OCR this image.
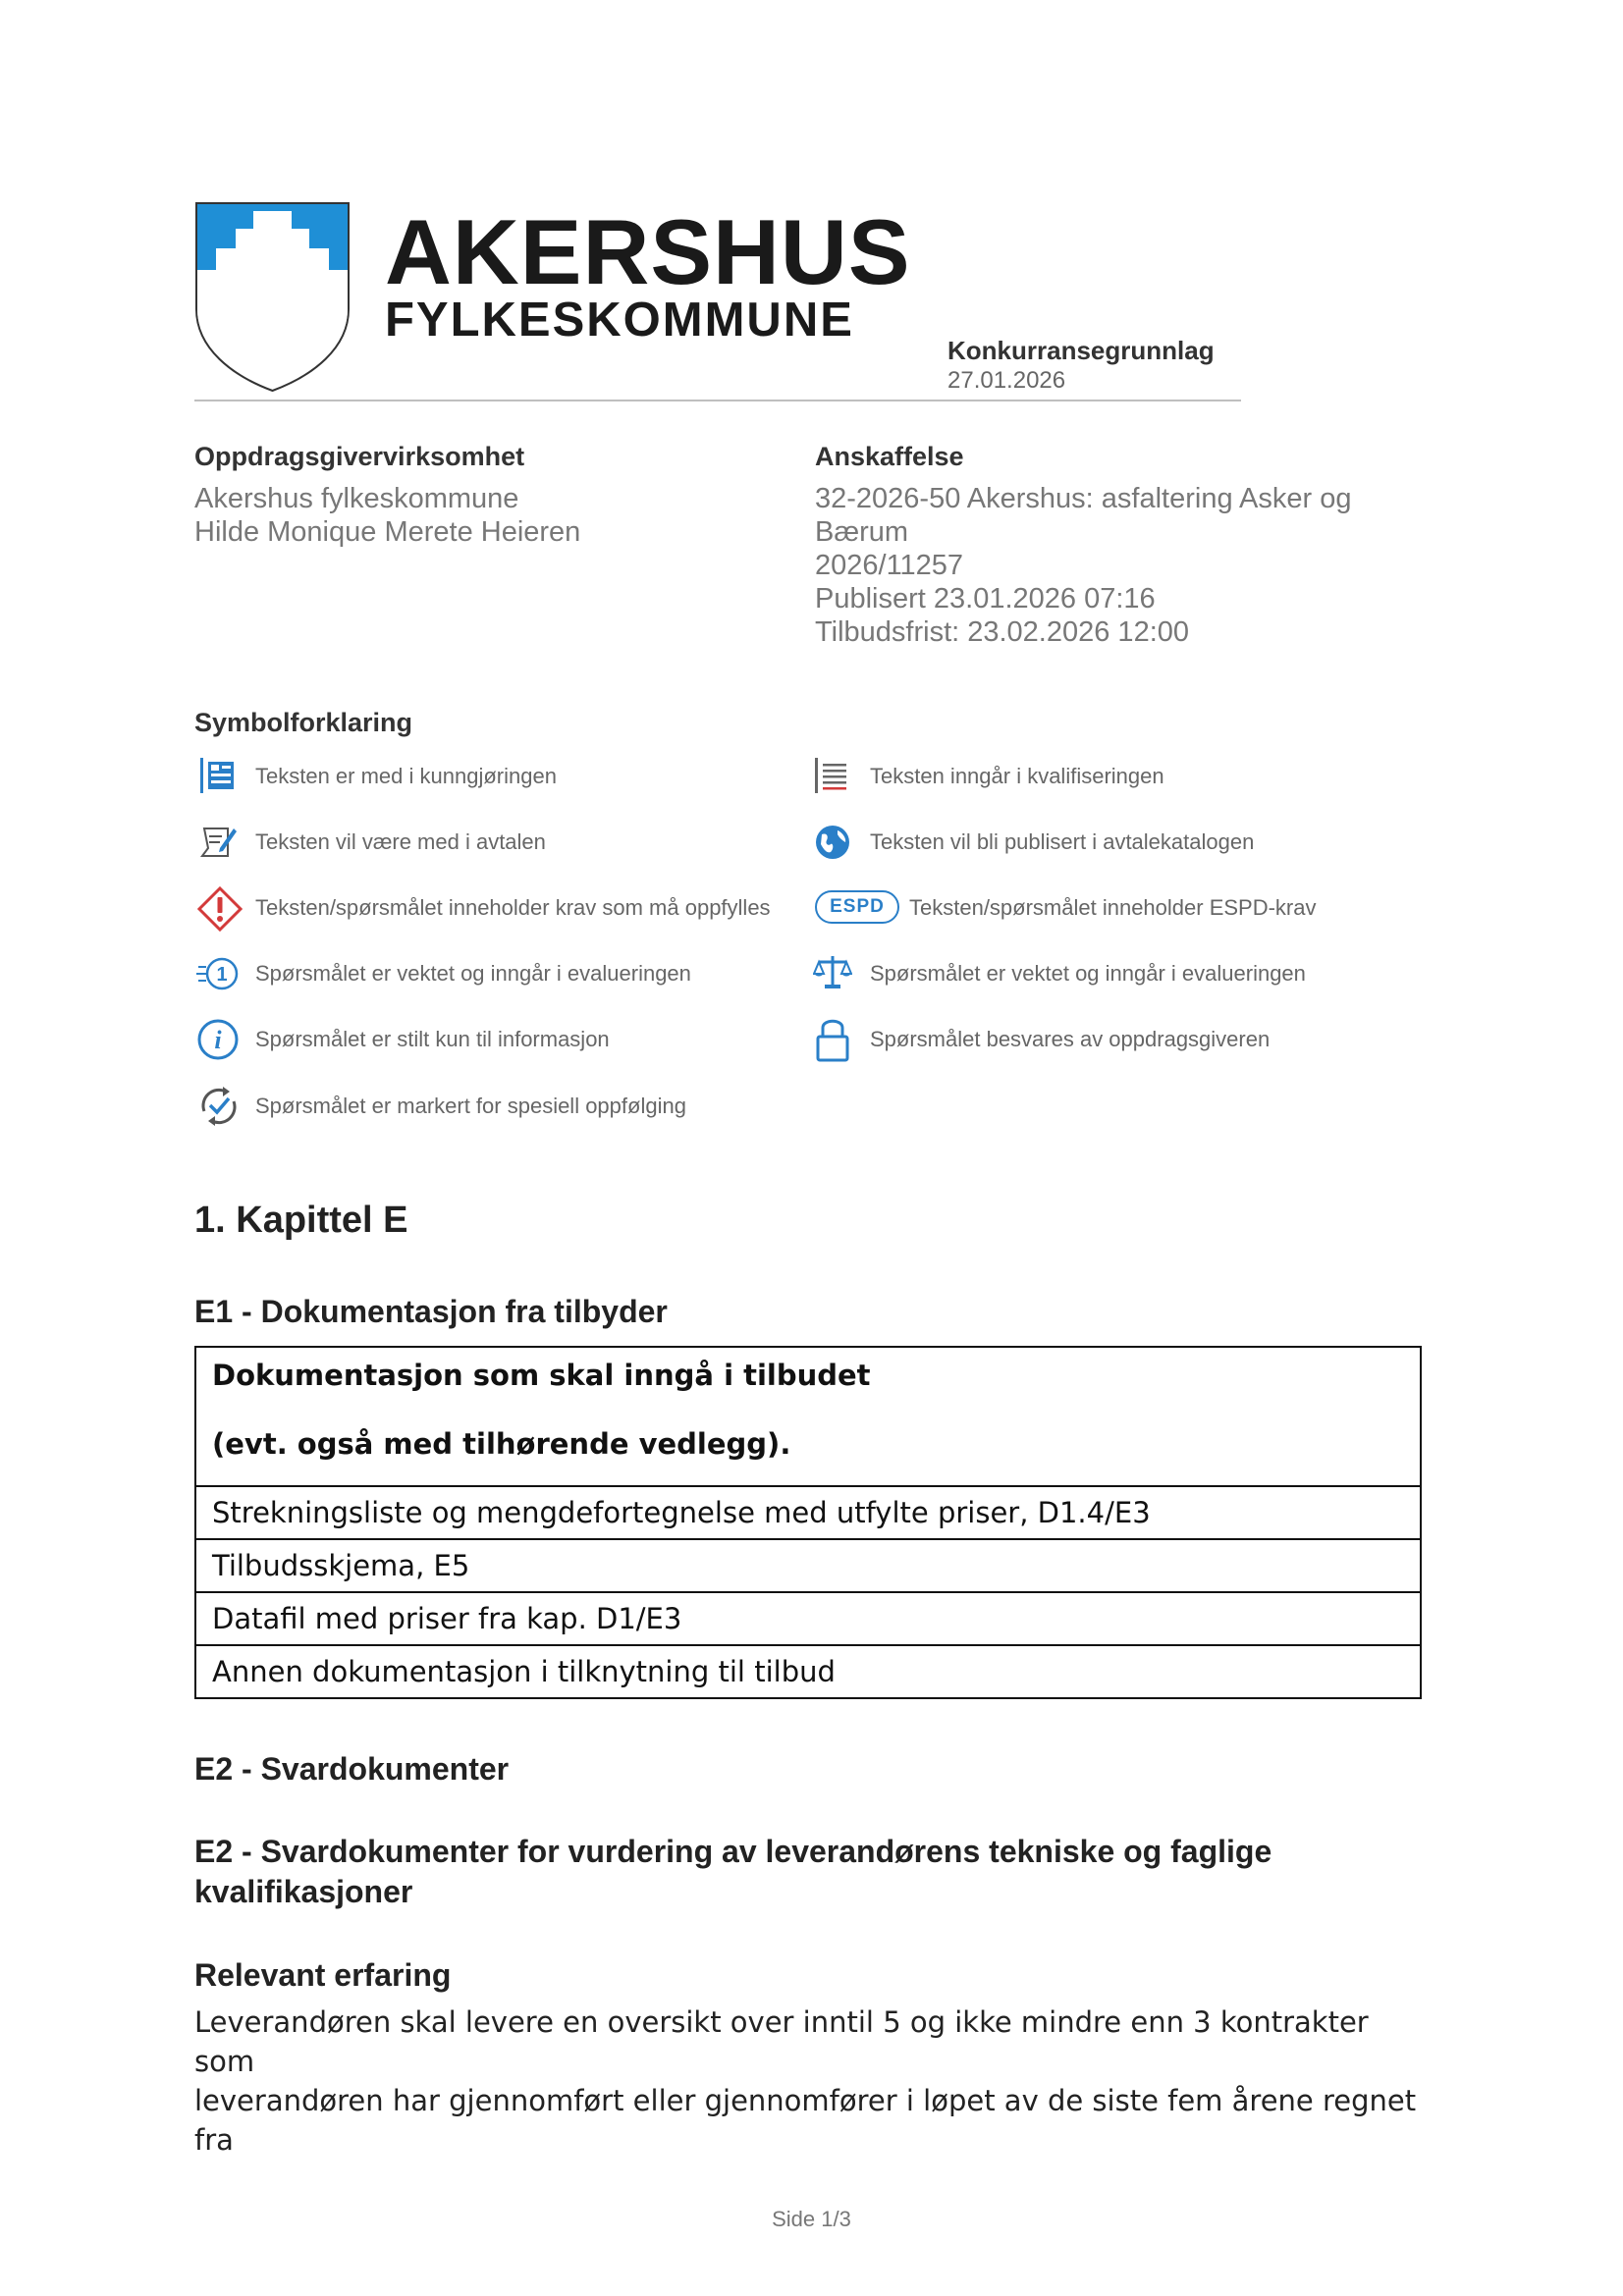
AKERSHUS
FYLKESKOMMUNE
Konkurransegrunnlag
27.01.2026
Oppdragsgivervirksomhet
Akershus fylkeskommune
Hilde Monique Merete Heieren
Anskaffelse
32-2026-50 Akershus: asfaltering Asker og
Bærum
2026/11257
Publisert 23.01.2026 07:16
Tilbudsfrist: 23.02.2026 12:00
Symbolforklaring
Teksten er med i kunngjøringen	Teksten inngår i kvalifiseringen
Teksten vil være med i avtalen	Teksten vil bli publisert i avtalekatalogen
Teksten/spørsmålet inneholder krav som må oppfylles	ESPD	Teksten/spørsmålet inneholder ESPD-krav
1 Spørsmålet er vektet og inngår i evalueringen	Spørsmålet er vektet og inngår i evalueringen
i Spørsmålet er stilt kun til informasjon	Spørsmålet besvares av oppdragsgiveren
Spørsmålet er markert for spesiell oppfølging
1. Kapittel E
E1 - Dokumentasjon fra tilbyder
Dokumentasjon som skal inngå i tilbudet
(evt. også med tilhørende vedlegg).

Strekningsliste og mengdefortegnelse med utfylte priser, D1.4/E3
Tilbudsskjema, E5
Datafil med priser fra kap. D1/E3
Annen dokumentasjon i tilknytning til tilbud
E2 - Svardokumenter
E2 - Svardokumenter for vurdering av leverandørens tekniske og faglige
kvalifikasjoner
Relevant erfaring
Leverandøren skal levere en oversikt over inntil 5 og ikke mindre enn 3 kontrakter som
leverandøren har gjennomført eller gjennomfører i løpet av de siste fem årene regnet fra
Side 1/3
